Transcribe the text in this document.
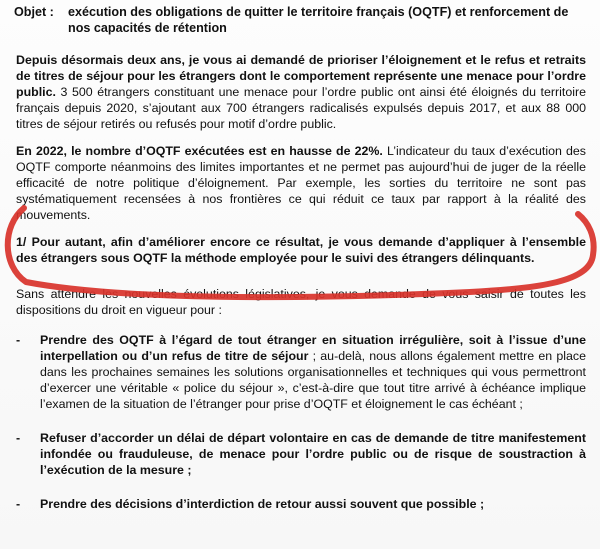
Objet :	exécution des obligations de quitter le territoire français (OQTF) et renforcement de nos capacités de rétention
Depuis désormais deux ans, je vous ai demandé de prioriser l’éloignement et le refus et retraits de titres de séjour pour les étrangers dont le comportement représente une menace pour l’ordre public. 3 500 étrangers constituant une menace pour l’ordre public ont ainsi été éloignés du territoire français depuis 2020, s’ajoutant aux 700 étrangers radicalisés expulsés depuis 2017, et aux 88 000 titres de séjour retirés ou refusés pour motif d’ordre public.
En 2022, le nombre d’OQTF exécutées est en hausse de 22%. L’indicateur du taux d’exécution des OQTF comporte néanmoins des limites importantes et ne permet pas aujourd’hui de juger de la réelle efficacité de notre politique d’éloignement. Par exemple, les sorties du territoire ne sont pas systématiquement recensées à nos frontières ce qui réduit ce taux par rapport à la réalité des mouvements.
1/ Pour autant, afin d’améliorer encore ce résultat, je vous demande d’appliquer à l’ensemble des étrangers sous OQTF la méthode employée pour le suivi des étrangers délinquants.
Sans attendre les nouvelles évolutions législatives, je vous demande de vous saisir de toutes les dispositions du droit en vigueur pour :
-	Prendre des OQTF à l’égard de tout étranger en situation irrégulière, soit à l’issue d’une interpellation ou d’un refus de titre de séjour ; au-delà, nous allons également mettre en place dans les prochaines semaines les solutions organisationnelles et techniques qui vous permettront d’exercer une véritable « police du séjour », c’est-à-dire que tout titre arrivé à échéance implique l’examen de la situation de l’étranger pour prise d’OQTF et éloignement le cas échéant ;
-	Refuser d’accorder un délai de départ volontaire en cas de demande de titre manifestement infondée ou frauduleuse, de menace pour l’ordre public ou de risque de soustraction à l’exécution de la mesure ;
-	Prendre des décisions d’interdiction de retour aussi souvent que possible ;
